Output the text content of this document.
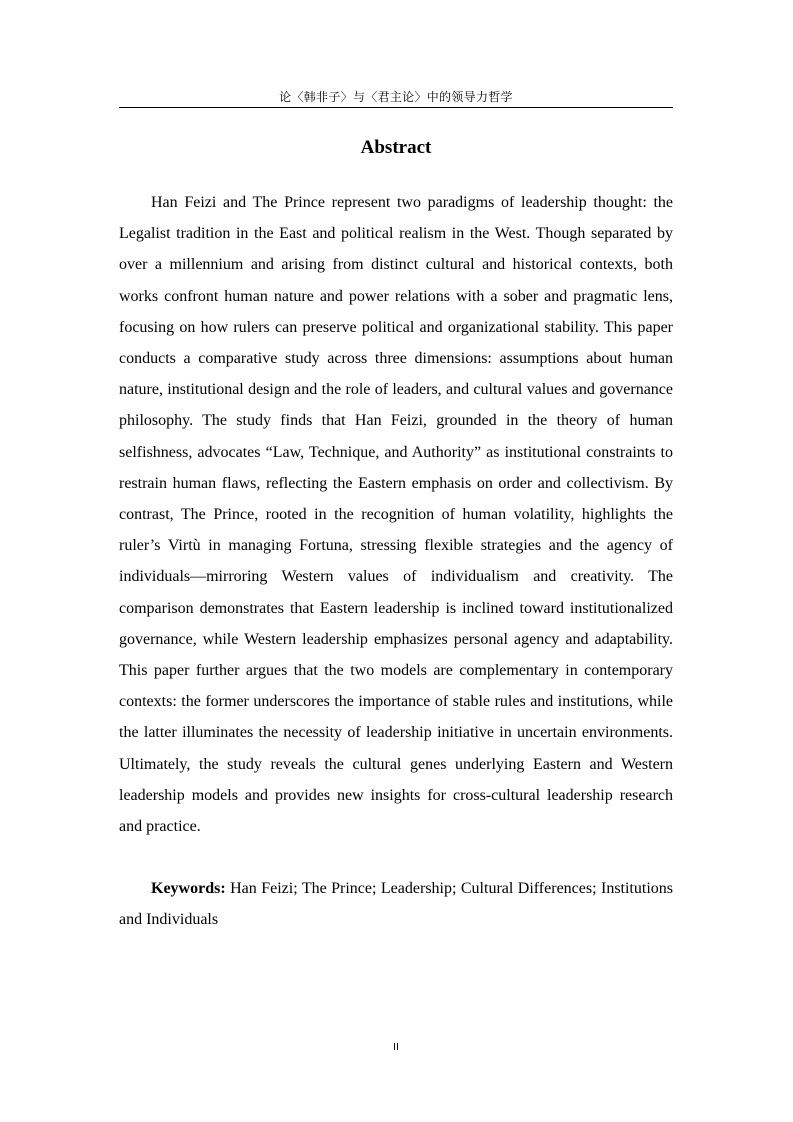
论〈韩非子〉与〈君主论〉中的领导力哲学
Abstract

Han Feizi and The Prince represent two paradigms of leadership thought: the Legalist tradition in the East and political realism in the West. Though separated by over a millennium and arising from distinct cultural and historical contexts, both works confront human nature and power relations with a sober and pragmatic lens, focusing on how rulers can preserve political and organizational stability. This paper conducts a comparative study across three dimensions: assumptions about human nature, institutional design and the role of leaders, and cultural values and governance philosophy. The study finds that Han Feizi, grounded in the theory of human selfishness, advocates “Law, Technique, and Authority” as institutional constraints to restrain human flaws, reflecting the Eastern emphasis on order and collectivism. By contrast, The Prince, rooted in the recognition of human volatility, highlights the ruler’s Virtù in managing Fortuna, stressing flexible strategies and the agency of individuals—mirroring Western values of individualism and creativity. The comparison demonstrates that Eastern leadership is inclined toward institutionalized governance, while Western leadership emphasizes personal agency and adaptability. This paper further argues that the two models are complementary in contemporary contexts: the former underscores the importance of stable rules and institutions, while the latter illuminates the necessity of leadership initiative in uncertain environments. Ultimately, the study reveals the cultural genes underlying Eastern and Western leadership models and provides new insights for cross-cultural leadership research and practice.

Keywords: Han Feizi; The Prince; Leadership; Cultural Differences; Institutions and Individuals

II
